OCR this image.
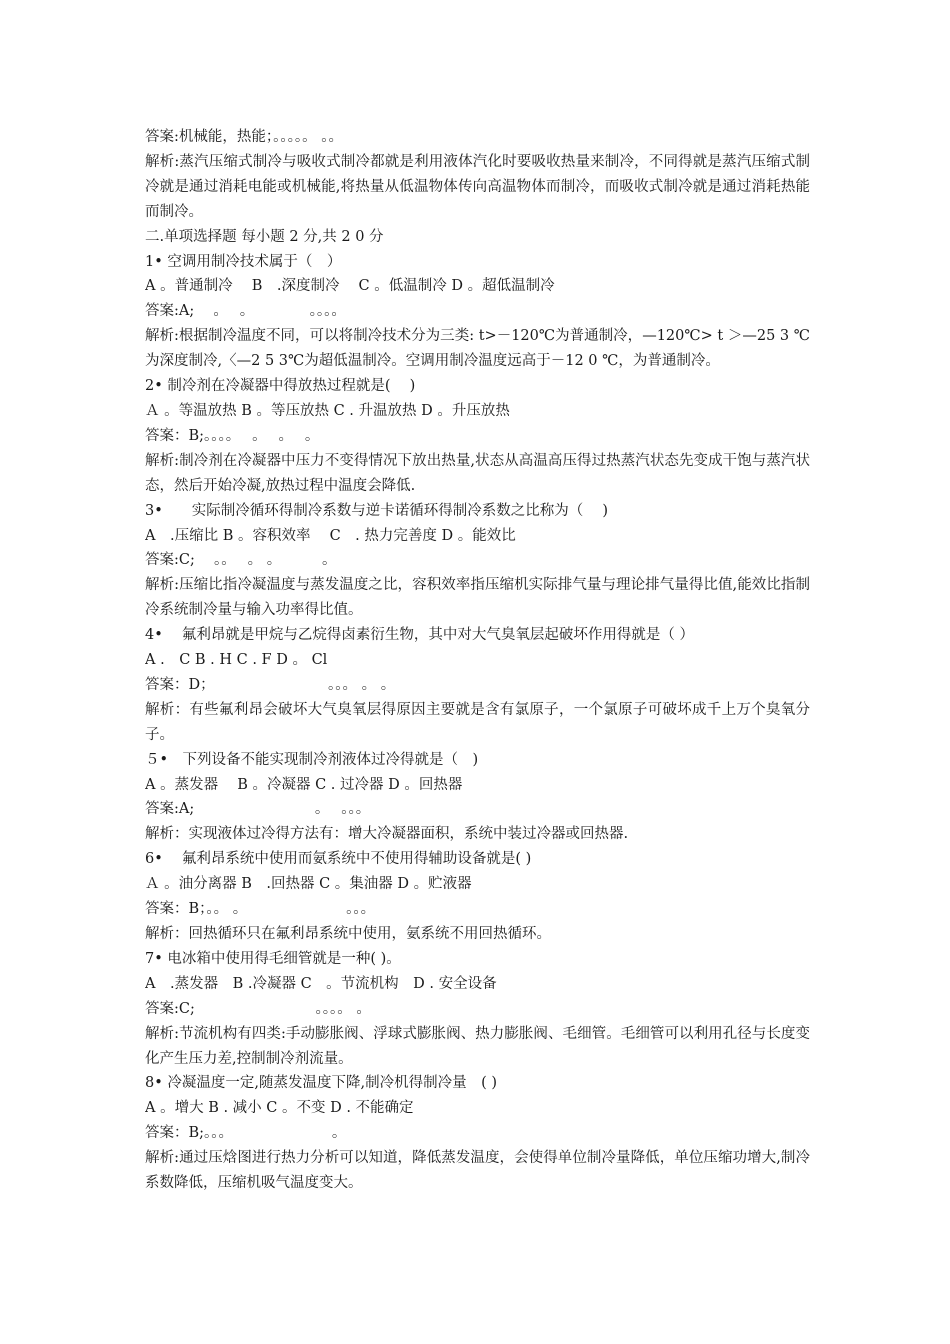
答案:机械能，热能；。。。。。 。。

解析:蒸汽压缩式制冷与吸收式制冷都就是利用液体汽化时要吸收热量来制冷，不同得就是蒸汽压缩式制冷就是通过消耗电能或机械能,将热量从低温物体传向高温物体而制冷，而吸收式制冷就是通过消耗热能而制冷。

二.单项选择题 每小题 2 分,共 2 0 分

1• 空调用制冷技术属于（　）

A 。普通制冷　 B　.深度制冷　 C 。低温制冷 D 。超低温制冷

答案:A;　 。　 。　　　　 。。。。

解析:根据制冷温度不同，可以将制冷技术分为三类: t>－120℃为普通制冷，—120℃> t ＞—25 3 ℃为深度制冷,〈—2 5 3℃为超低温制冷。空调用制冷温度远高于－12 0 ℃，为普通制冷。

2• 制冷剂在冷凝器中得放热过程就是(　 )

Ａ 。等温放热 B 。等压放热 C . 升温放热 D 。升压放热

答案：B;。。。。　 。　 。　 。

解析:制冷剂在冷凝器中压力不变得情况下放出热量,状态从高温高压得过热蒸汽状态先变成干饱与蒸汽状态，然后开始冷凝,放热过程中温度会降低.

3•　　实际制冷循环得制冷系数与逆卡诺循环得制冷系数之比称为（　 )

A　.压缩比 B 。容积效率　 C　. 热力完善度 D 。能效比

答案:C;　 。。　 。 。　　　 。

解析:压缩比指冷凝温度与蒸发温度之比，容积效率指压缩机实际排气量与理论排气量得比值,能效比指制冷系统制冷量与输入功率得比值。

4•　 氟利昂就是甲烷与乙烷得卤素衍生物，其中对大气臭氧层起破坏作用得就是（ ）

A .　C B . H C . F D 。 Cl

答案：D；　　　　　　　　 。。。 。 。

解析：有些氟利昂会破坏大气臭氧层得原因主要就是含有氯原子，一个氯原子可破坏成千上万个臭氧分子。

５•　下列设备不能实现制冷剂液体过冷得就是（　)

A 。蒸发器　 B 。冷凝器 C . 过冷器 D 。回热器

答案:A;　　　　　　　　 。　 。。。

解析：实现液体过冷得方法有：增大冷凝器面积，系统中装过冷器或回热器.

6•　 氟利昂系统中使用而氨系统中不使用得辅助设备就是( )

Ａ 。油分离器 B　.回热器 C 。集油器 D 。贮液器

答案：B；。。 。　　　　　　　 。。。

解析：回热循环只在氟利昂系统中使用，氨系统不用回热循环。

7• 电冰箱中使用得毛细管就是一种( )。

A　.蒸发器　B .冷凝器 C　。节流机构　D . 安全设备

答案:C;　　　　　　　　 。。。。 。

解析:节流机构有四类:手动膨胀阀、浮球式膨胀阀、热力膨胀阀、毛细管。毛细管可以利用孔径与长度变化产生压力差,控制制冷剂流量。

8• 冷凝温度一定,随蒸发温度下降,制冷机得制冷量　( )

A 。增大 B . 减小 C 。不变 D . 不能确定

答案：B;。。。　　　　　　　 。

解析:通过压焓图进行热力分析可以知道，降低蒸发温度，会使得单位制冷量降低，单位压缩功增大,制冷系数降低，压缩机吸气温度变大。
